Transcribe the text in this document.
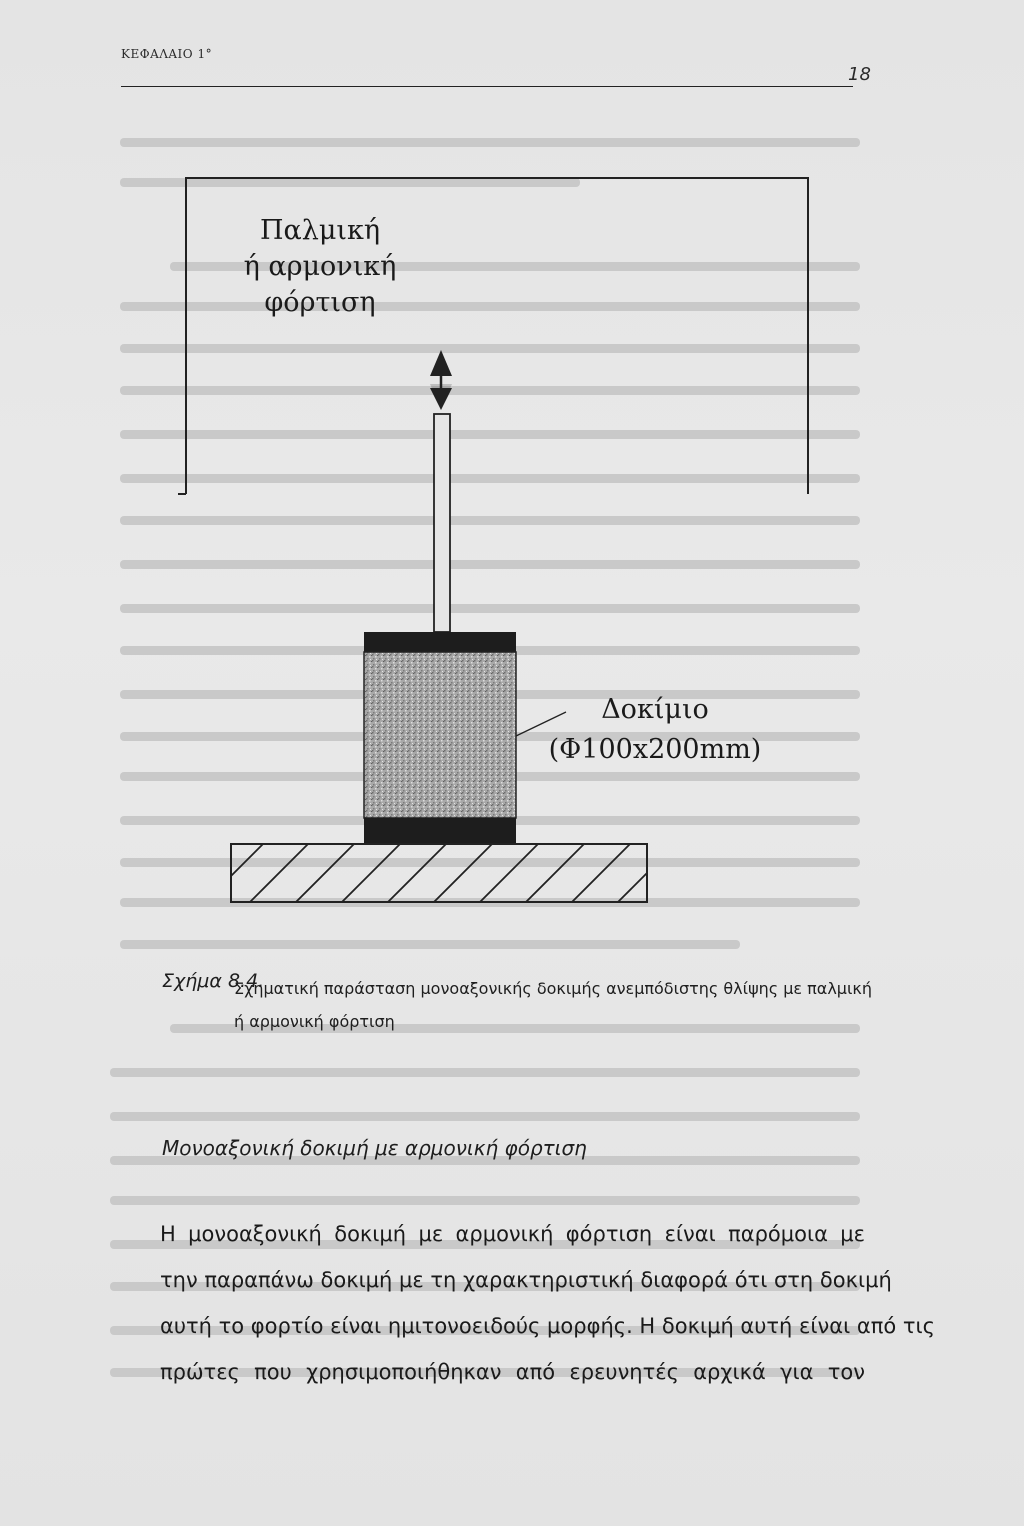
ΚΕΦΑΛΑΙΟ 1°
18
Παλμική
ή αρμονική
φόρτιση
Δοκίμιο
(Φ100x200mm)
Σχήμα 8.4.
Σχηματική παράσταση μονοαξονικής δοκιμής ανεμπόδιστης θλίψης με παλμική ή αρμονική φόρτιση
Μονοαξονική δοκιμή με αρμονική φόρτιση
Η μονοαξονική δοκιμή με αρμονική φόρτιση είναι παρόμοια με
την παραπάνω δοκιμή με τη χαρακτηριστική διαφορά ότι στη δοκιμή
αυτή το φορτίο είναι ημιτονοειδούς μορφής. Η δοκιμή αυτή είναι από τις
πρώτες που χρησιμοποιήθηκαν από ερευνητές αρχικά για τον
